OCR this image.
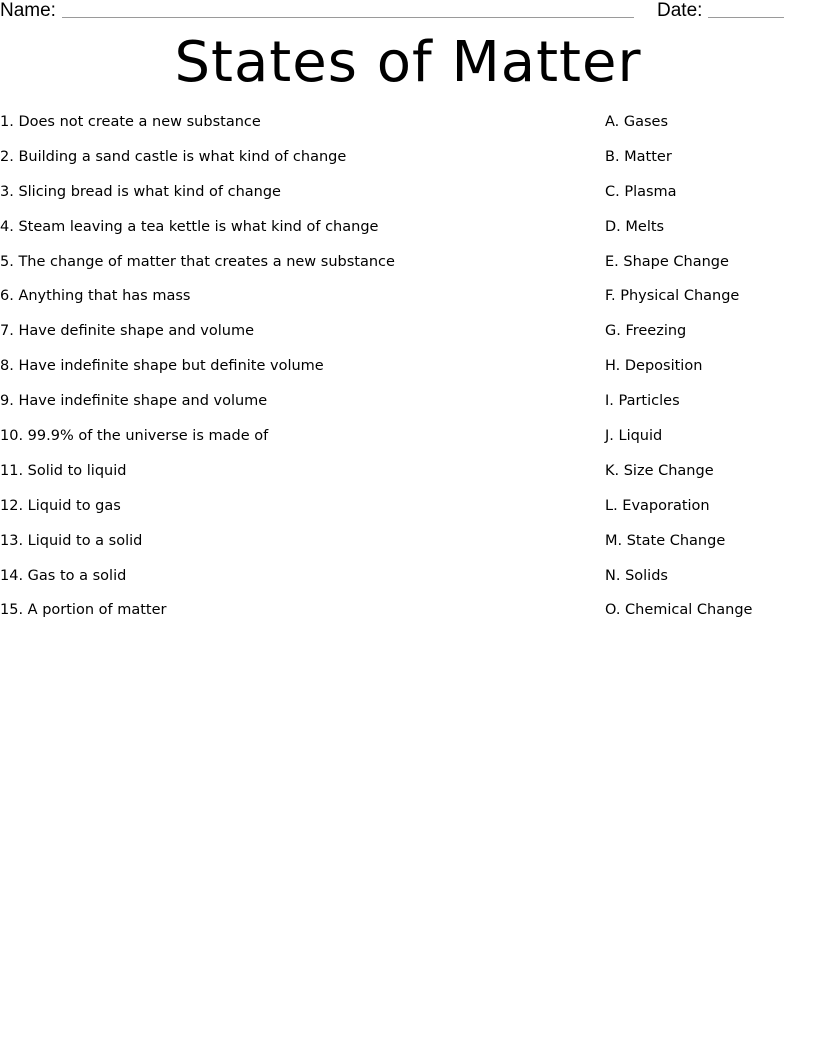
Name:	Date:
States of Matter
1. Does not create a new substance
2. Building a sand castle is what kind of change
3. Slicing bread is what kind of change
4. Steam leaving a tea kettle is what kind of change
5. The change of matter that creates a new substance
6. Anything that has mass
7. Have definite shape and volume
8. Have indefinite shape but definite volume
9. Have indefinite shape and volume
10. 99.9% of the universe is made of
11. Solid to liquid
12. Liquid to gas
13. Liquid to a solid
14. Gas to a solid
15. A portion of matter
A. Gases
B. Matter
C. Plasma
D. Melts
E. Shape Change
F. Physical Change
G. Freezing
H. Deposition
I. Particles
J. Liquid
K. Size Change
L. Evaporation
M. State Change
N. Solids
O. Chemical Change
